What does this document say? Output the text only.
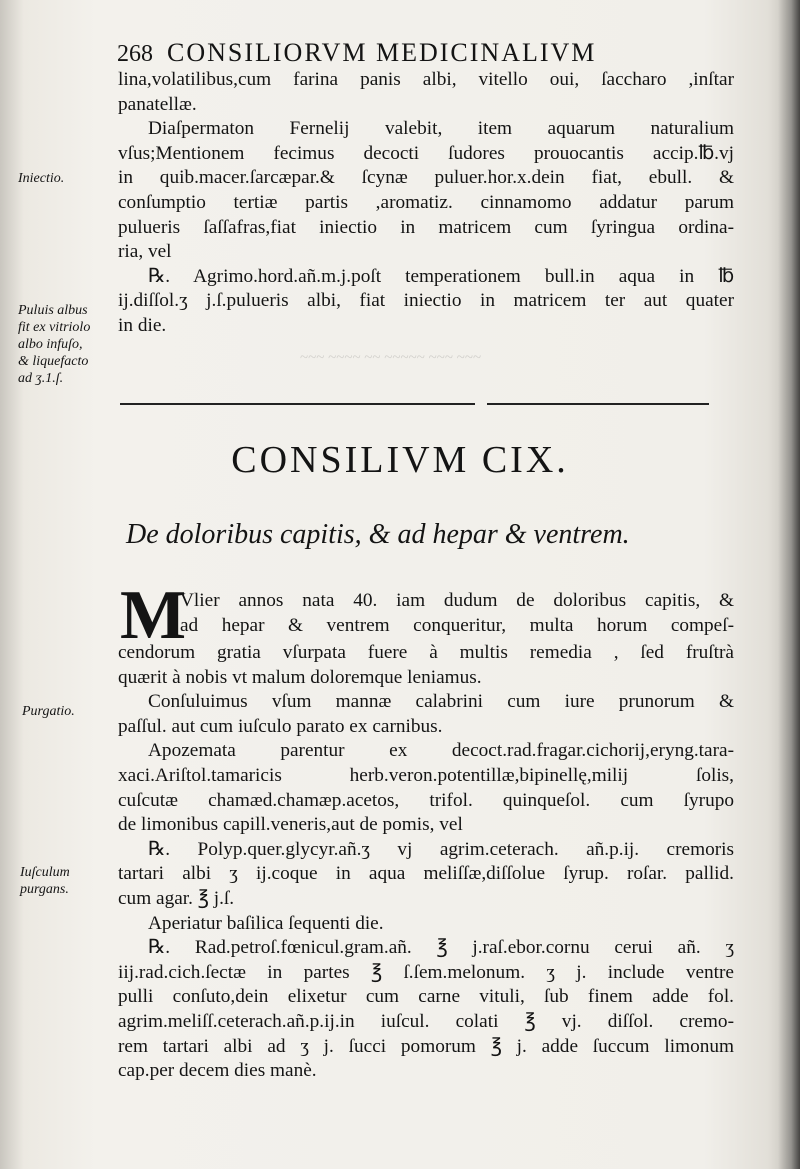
~~~ ~~~~ ~~ ~~~~~ ~~~ ~~~
268 CONSILIORVM MEDICINALIVM
lina,volatilibus,cum farina panis albi, vitello oui, ſaccharo ,inſtar
panatellæ.
Diaſpermaton Fernelij valebit, item aquarum naturalium
vſus;Mentionem fecimus decocti ſudores prouocantis accip.℔.vj
in quib.macer.ſarcæpar.& ſcynæ puluer.hor.x.dein fiat, ebull. &
conſumptio tertiæ partis ,aromatiz. cinnamomo addatur parum
pulueris ſaſſafras,fiat iniectio in matricem cum ſyringua ordina-
ria, vel
℞. Agrimo.hord.añ.m.j.poſt temperationem bull.in aqua in ℔
ij.diſſol.ʒ j.ſ.pulueris albi, fiat iniectio in matricem ter aut quater
in die.
Iniectio.
Puluis albus
fit ex vitriolo
albo infuſo,
& liquefacto
ad ʒ.1.ſ.
CONSILIVM CIX.
De doloribus capitis, & ad hepar & ventrem.
M
Vlier annos nata 40. iam dudum de doloribus capitis, &
ad hepar & ventrem conqueritur, multa horum compeſ-
cendorum gratia vſurpata fuere à multis remedia , ſed fruſtrà
quærit à nobis vt malum doloremque leniamus.
Conſuluimus vſum mannæ calabrini cum iure prunorum &
paſſul. aut cum iuſculo parato ex carnibus.
Apozemata parentur ex decoct.rad.fragar.cichorij,eryng.tara-
xaci.Ariſtol.tamaricis herb.veron.potentillæ,bipinellę,milij ſolis,
cuſcutæ chamæd.chamæp.acetos, trifol. quinqueſol. cum ſyrupo
de limonibus capill.veneris,aut de pomis, vel
℞. Polyp.quer.glycyr.añ.ʒ vj agrim.ceterach. añ.p.ij. cremoris
tartari albi ʒ ij.coque in aqua meliſſæ,diſſolue ſyrup. roſar. pallid.
cum agar. ℥ j.ſ.
Aperiatur baſilica ſequenti die.
℞. Rad.petroſ.fœnicul.gram.añ. ℥ j.raſ.ebor.cornu cerui añ. ʒ
iij.rad.cich.ſectæ in partes ℥ ſ.ſem.melonum. ʒ j. include ventre
pulli conſuto,dein elixetur cum carne vituli, ſub finem adde fol.
agrim.meliſſ.ceterach.añ.p.ij.in iuſcul. colati ℥ vj. diſſol. cremo-
rem tartari albi ad ʒ j. ſucci pomorum ℥ j. adde ſuccum limonum
cap.per decem dies manè.
Purgatio.
Iuſculum
purgans.
